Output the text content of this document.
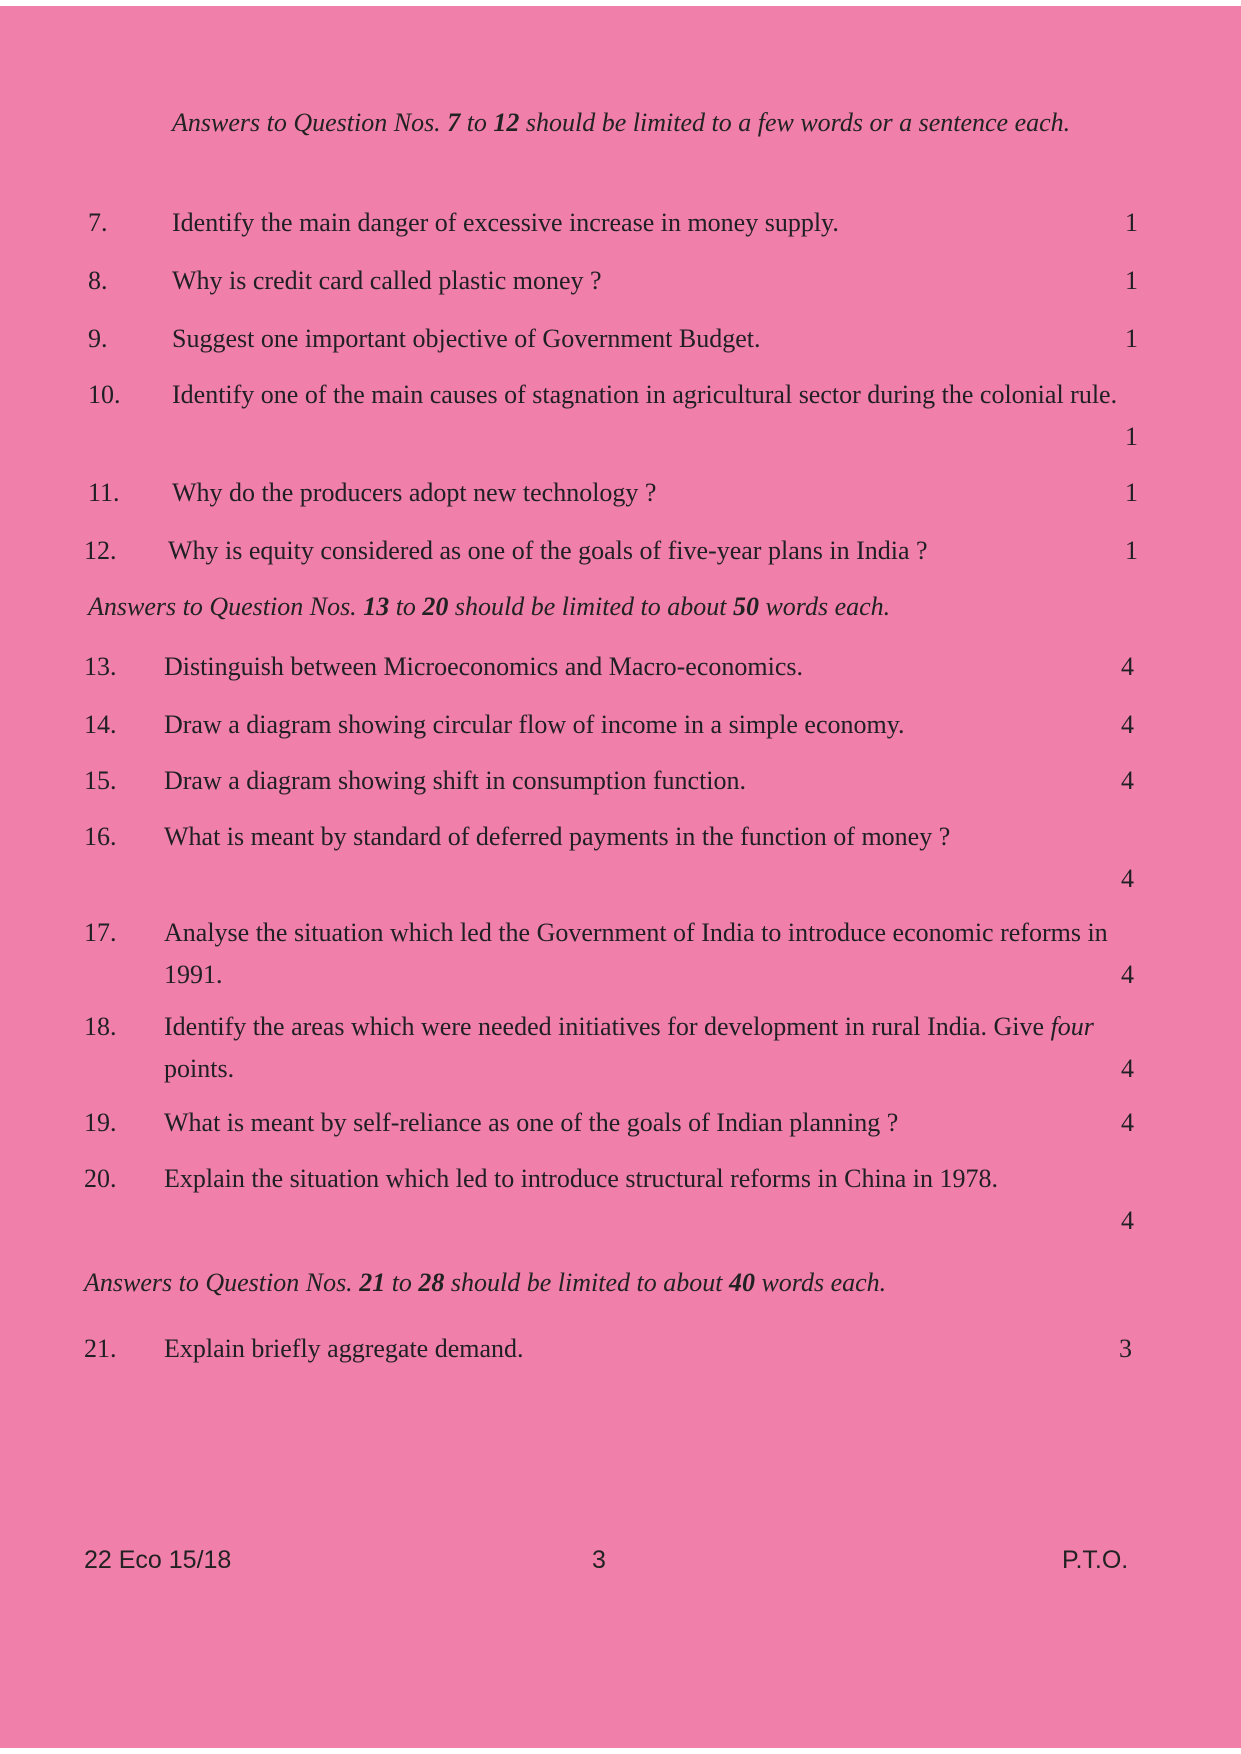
Answers to Question Nos. 7 to 12 should be limited to a few words or a sentence each.
7. Identify the main danger of excessive increase in money supply.	1
8. Why is credit card called plastic money ?	1
9. Suggest one important objective of Government Budget.	1
10. Identify one of the main causes of stagnation in agricultural sector during the colonial rule.
1
11. Why do the producers adopt new technology ?	1
12. Why is equity considered as one of the goals of five-year plans in India ?	1
Answers to Question Nos. 13 to 20 should be limited to about 50 words each.
13. Distinguish between Microeconomics and Macro-economics.	4
14. Draw a diagram showing circular flow of income in a simple economy.	4
15. Draw a diagram showing shift in consumption function.	4
16. What is meant by standard of deferred payments in the function of money ?
4
17. Analyse the situation which led the Government of India to introduce economic reforms in 1991.	4
18. Identify the areas which were needed initiatives for development in rural India. Give four points.	4
19. What is meant by self-reliance as one of the goals of Indian planning ?	4
20. Explain the situation which led to introduce structural reforms in China in 1978.
4
Answers to Question Nos. 21 to 28 should be limited to about 40 words each.
21. Explain briefly aggregate demand.	3
22 Eco 15/18	3	P.T.O.
